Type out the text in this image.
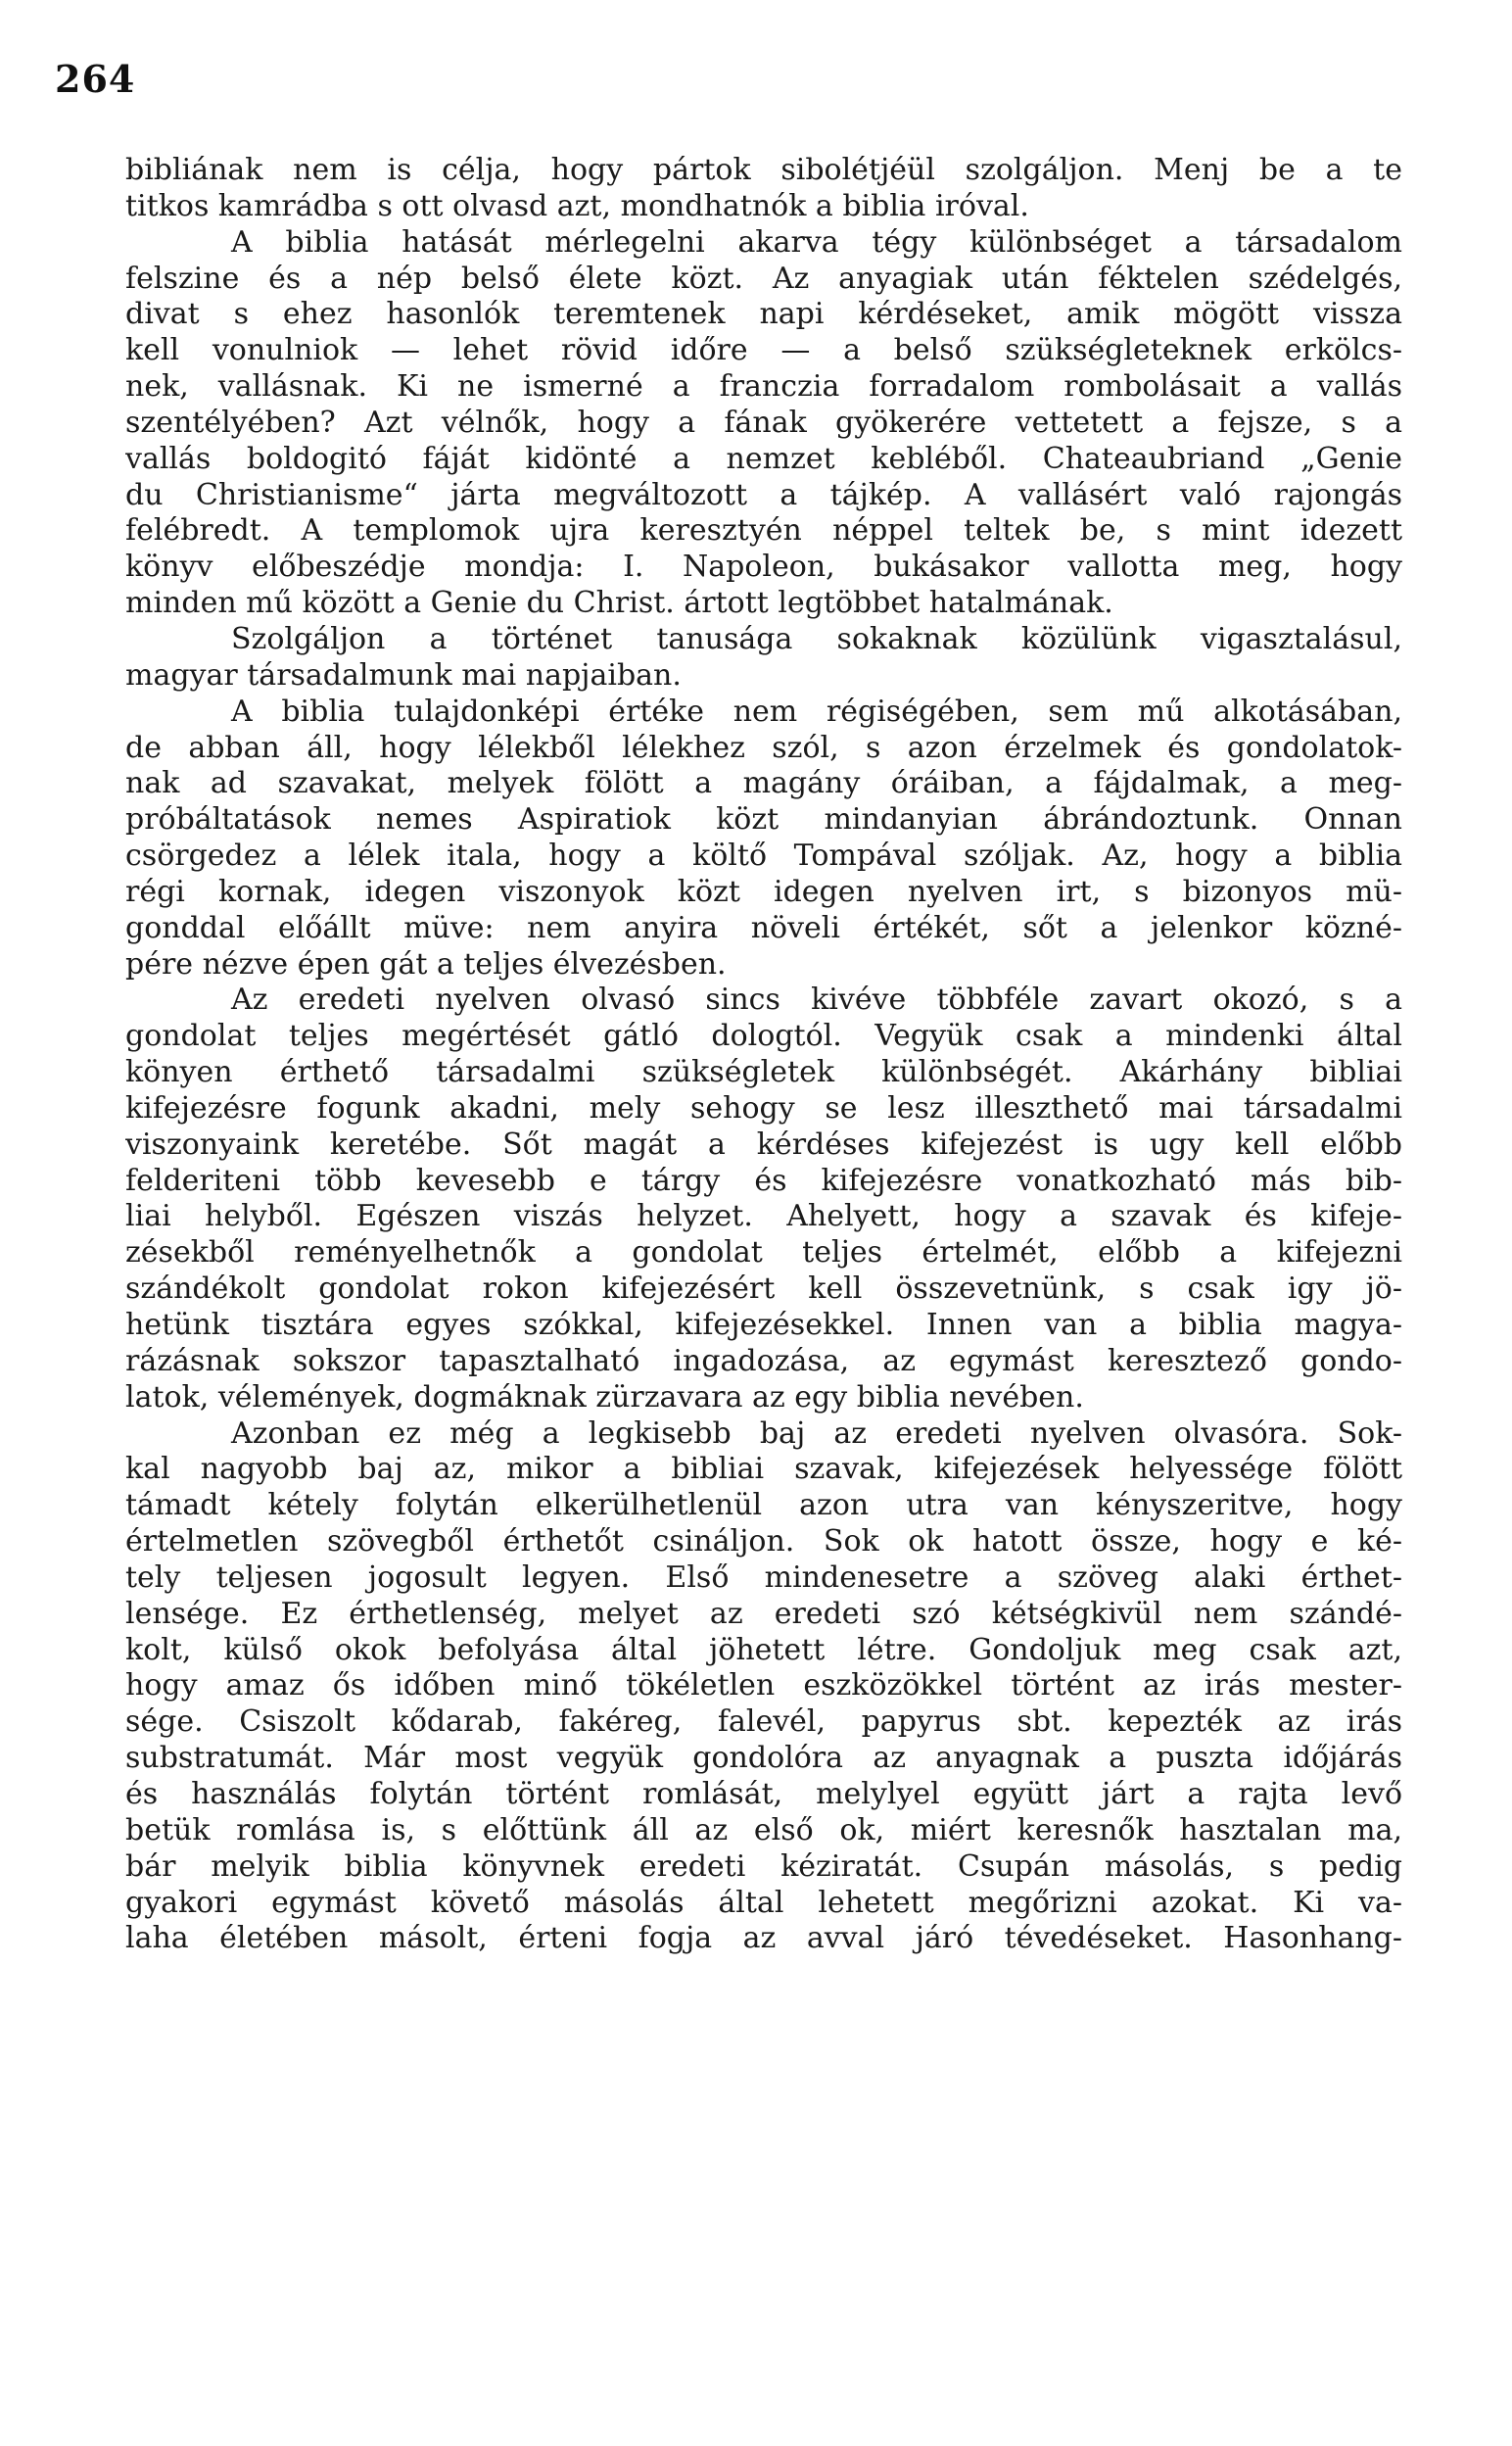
264
bibliának nem is célja, hogy pártok sibolétjéül szolgáljon. Menj be a te
titkos kamrádba s ott olvasd azt, mondhatnók a biblia iróval.
A biblia hatását mérlegelni akarva tégy különbséget a társadalom
felszine és a nép belső élete közt. Az anyagiak után féktelen szédelgés,
divat s ehez hasonlók teremtenek napi kérdéseket, amik mögött vissza
kell vonulniok — lehet rövid időre — a belső szükségleteknek erkölcs-
nek, vallásnak. Ki ne ismerné a franczia forradalom rombolásait a vallás
szentélyében? Azt vélnők, hogy a fának gyökerére vettetett a fejsze, s a
vallás boldogitó fáját kidönté a nemzet kebléből. Chateaubriand „Genie
du Christianisme“ járta megváltozott a tájkép. A vallásért való rajongás
felébredt. A templomok ujra keresztyén néppel teltek be, s mint idezett
könyv előbeszédje mondja: I. Napoleon, bukásakor vallotta meg, hogy
minden mű között a Genie du Christ. ártott legtöbbet hatalmának.
Szolgáljon a történet tanusága sokaknak közülünk vigasztalásul,
magyar társadalmunk mai napjaiban.
A biblia tulajdonképi értéke nem régiségében, sem mű alkotásában,
de abban áll, hogy lélekből lélekhez szól, s azon érzelmek és gondolatok-
nak ad szavakat, melyek fölött a magány óráiban, a fájdalmak, a meg-
próbáltatások nemes Aspiratiok közt mindanyian ábrándoztunk. Onnan
csörgedez a lélek itala, hogy a költő Tompával szóljak. Az, hogy a biblia
régi kornak, idegen viszonyok közt idegen nyelven irt, s bizonyos mü-
gonddal előállt müve: nem anyira növeli értékét, sőt a jelenkor közné-
pére nézve épen gát a teljes élvezésben.
Az eredeti nyelven olvasó sincs kivéve többféle zavart okozó, s a
gondolat teljes megértését gátló dologtól. Vegyük csak a mindenki által
könyen érthető társadalmi szükségletek különbségét. Akárhány bibliai
kifejezésre fogunk akadni, mely sehogy se lesz illeszthető mai társadalmi
viszonyaink keretébe. Sőt magát a kérdéses kifejezést is ugy kell előbb
felderiteni több kevesebb e tárgy és kifejezésre vonatkozható más bib-
liai helyből. Egészen viszás helyzet. Ahelyett, hogy a szavak és kifeje-
zésekből reményelhetnők a gondolat teljes értelmét, előbb a kifejezni
szándékolt gondolat rokon kifejezésért kell összevetnünk, s csak igy jö-
hetünk tisztára egyes szókkal, kifejezésekkel. Innen van a biblia magya-
rázásnak sokszor tapasztalható ingadozása, az egymást keresztező gondo-
latok, vélemények, dogmáknak zürzavara az egy biblia nevében.
Azonban ez még a legkisebb baj az eredeti nyelven olvasóra. Sok-
kal nagyobb baj az, mikor a bibliai szavak, kifejezések helyessége fölött
támadt kétely folytán elkerülhetlenül azon utra van kényszeritve, hogy
értelmetlen szövegből érthetőt csináljon. Sok ok hatott össze, hogy e ké-
tely teljesen jogosult legyen. Első mindenesetre a szöveg alaki érthet-
lensége. Ez érthetlenség, melyet az eredeti szó kétségkivül nem szándé-
kolt, külső okok befolyása által jöhetett létre. Gondoljuk meg csak azt,
hogy amaz ős időben minő tökéletlen eszközökkel történt az irás mester-
sége. Csiszolt kődarab, fakéreg, falevél, papyrus sbt. kepezték az irás
substratumát. Már most vegyük gondolóra az anyagnak a puszta időjárás
és használás folytán történt romlását, melylyel együtt járt a rajta levő
betük romlása is, s előttünk áll az első ok, miért keresnők hasztalan ma,
bár melyik biblia könyvnek eredeti kéziratát. Csupán másolás, s pedig
gyakori egymást követő másolás által lehetett megőrizni azokat. Ki va-
laha életében másolt, érteni fogja az avval járó tévedéseket. Hasonhang-
